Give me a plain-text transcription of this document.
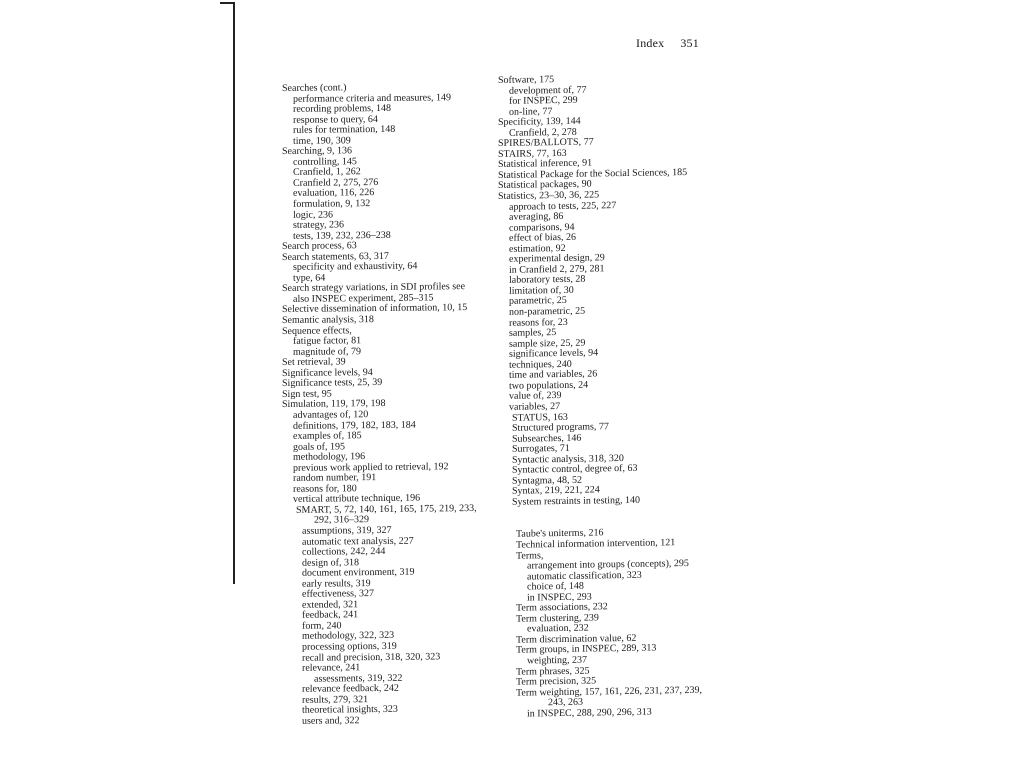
Index 351
Searches (cont.)
performance criteria and measures, 149
recording problems, 148
response to query, 64
rules for termination, 148
time, 190, 309
Searching, 9, 136
controlling, 145
Cranfield, 1, 262
Cranfield 2, 275, 276
evaluation, 116, 226
formulation, 9, 132
logic, 236
strategy, 236
tests, 139, 232, 236–238
Search process, 63
Search statements, 63, 317
specificity and exhaustivity, 64
type, 64
Search strategy variations, in SDI profiles see
also INSPEC experiment, 285–315
Selective dissemination of information, 10, 15
Semantic analysis, 318
Sequence effects,
fatigue factor, 81
magnitude of, 79
Set retrieval, 39
Significance levels, 94
Significance tests, 25, 39
Sign test, 95
Simulation, 119, 179, 198
advantages of, 120
definitions, 179, 182, 183, 184
examples of, 185
goals of, 195
methodology, 196
previous work applied to retrieval, 192
random number, 191
reasons for, 180
vertical attribute technique, 196
SMART, 5, 72, 140, 161, 165, 175, 219, 233,
292, 316–329
assumptions, 319, 327
automatic text analysis, 227
collections, 242, 244
design of, 318
document environment, 319
early results, 319
effectiveness, 327
extended, 321
feedback, 241
form, 240
methodology, 322, 323
processing options, 319
recall and precision, 318, 320, 323
relevance, 241
assessments, 319, 322
relevance feedback, 242
results, 279, 321
theoretical insights, 323
users and, 322
Software, 175
development of, 77
for INSPEC, 299
on-line, 77
Specificity, 139, 144
Cranfield, 2, 278
SPIRES/BALLOTS, 77
STAIRS, 77, 163
Statistical inference, 91
Statistical Package for the Social Sciences, 185
Statistical packages, 90
Statistics, 23–30, 36, 225
approach to tests, 225, 227
averaging, 86
comparisons, 94
effect of bias, 26
estimation, 92
experimental design, 29
in Cranfield 2, 279, 281
laboratory tests, 28
limitation of, 30
parametric, 25
non-parametric, 25
reasons for, 23
samples, 25
sample size, 25, 29
significance levels, 94
techniques, 240
time and variables, 26
two populations, 24
value of, 239
variables, 27
STATUS, 163
Structured programs, 77
Subsearches, 146
Surrogates, 71
Syntactic analysis, 318, 320
Syntactic control, degree of, 63
Syntagma, 48, 52
Syntax, 219, 221, 224
System restraints in testing, 140
Taube's uniterms, 216
Technical information intervention, 121
Terms,
arrangement into groups (concepts), 295
automatic classification, 323
choice of, 148
in INSPEC, 293
Term associations, 232
Term clustering, 239
evaluation, 232
Term discrimination value, 62
Term groups, in INSPEC, 289, 313
weighting, 237
Term phrases, 325
Term precision, 325
Term weighting, 157, 161, 226, 231, 237, 239,
243, 263
in INSPEC, 288, 290, 296, 313
